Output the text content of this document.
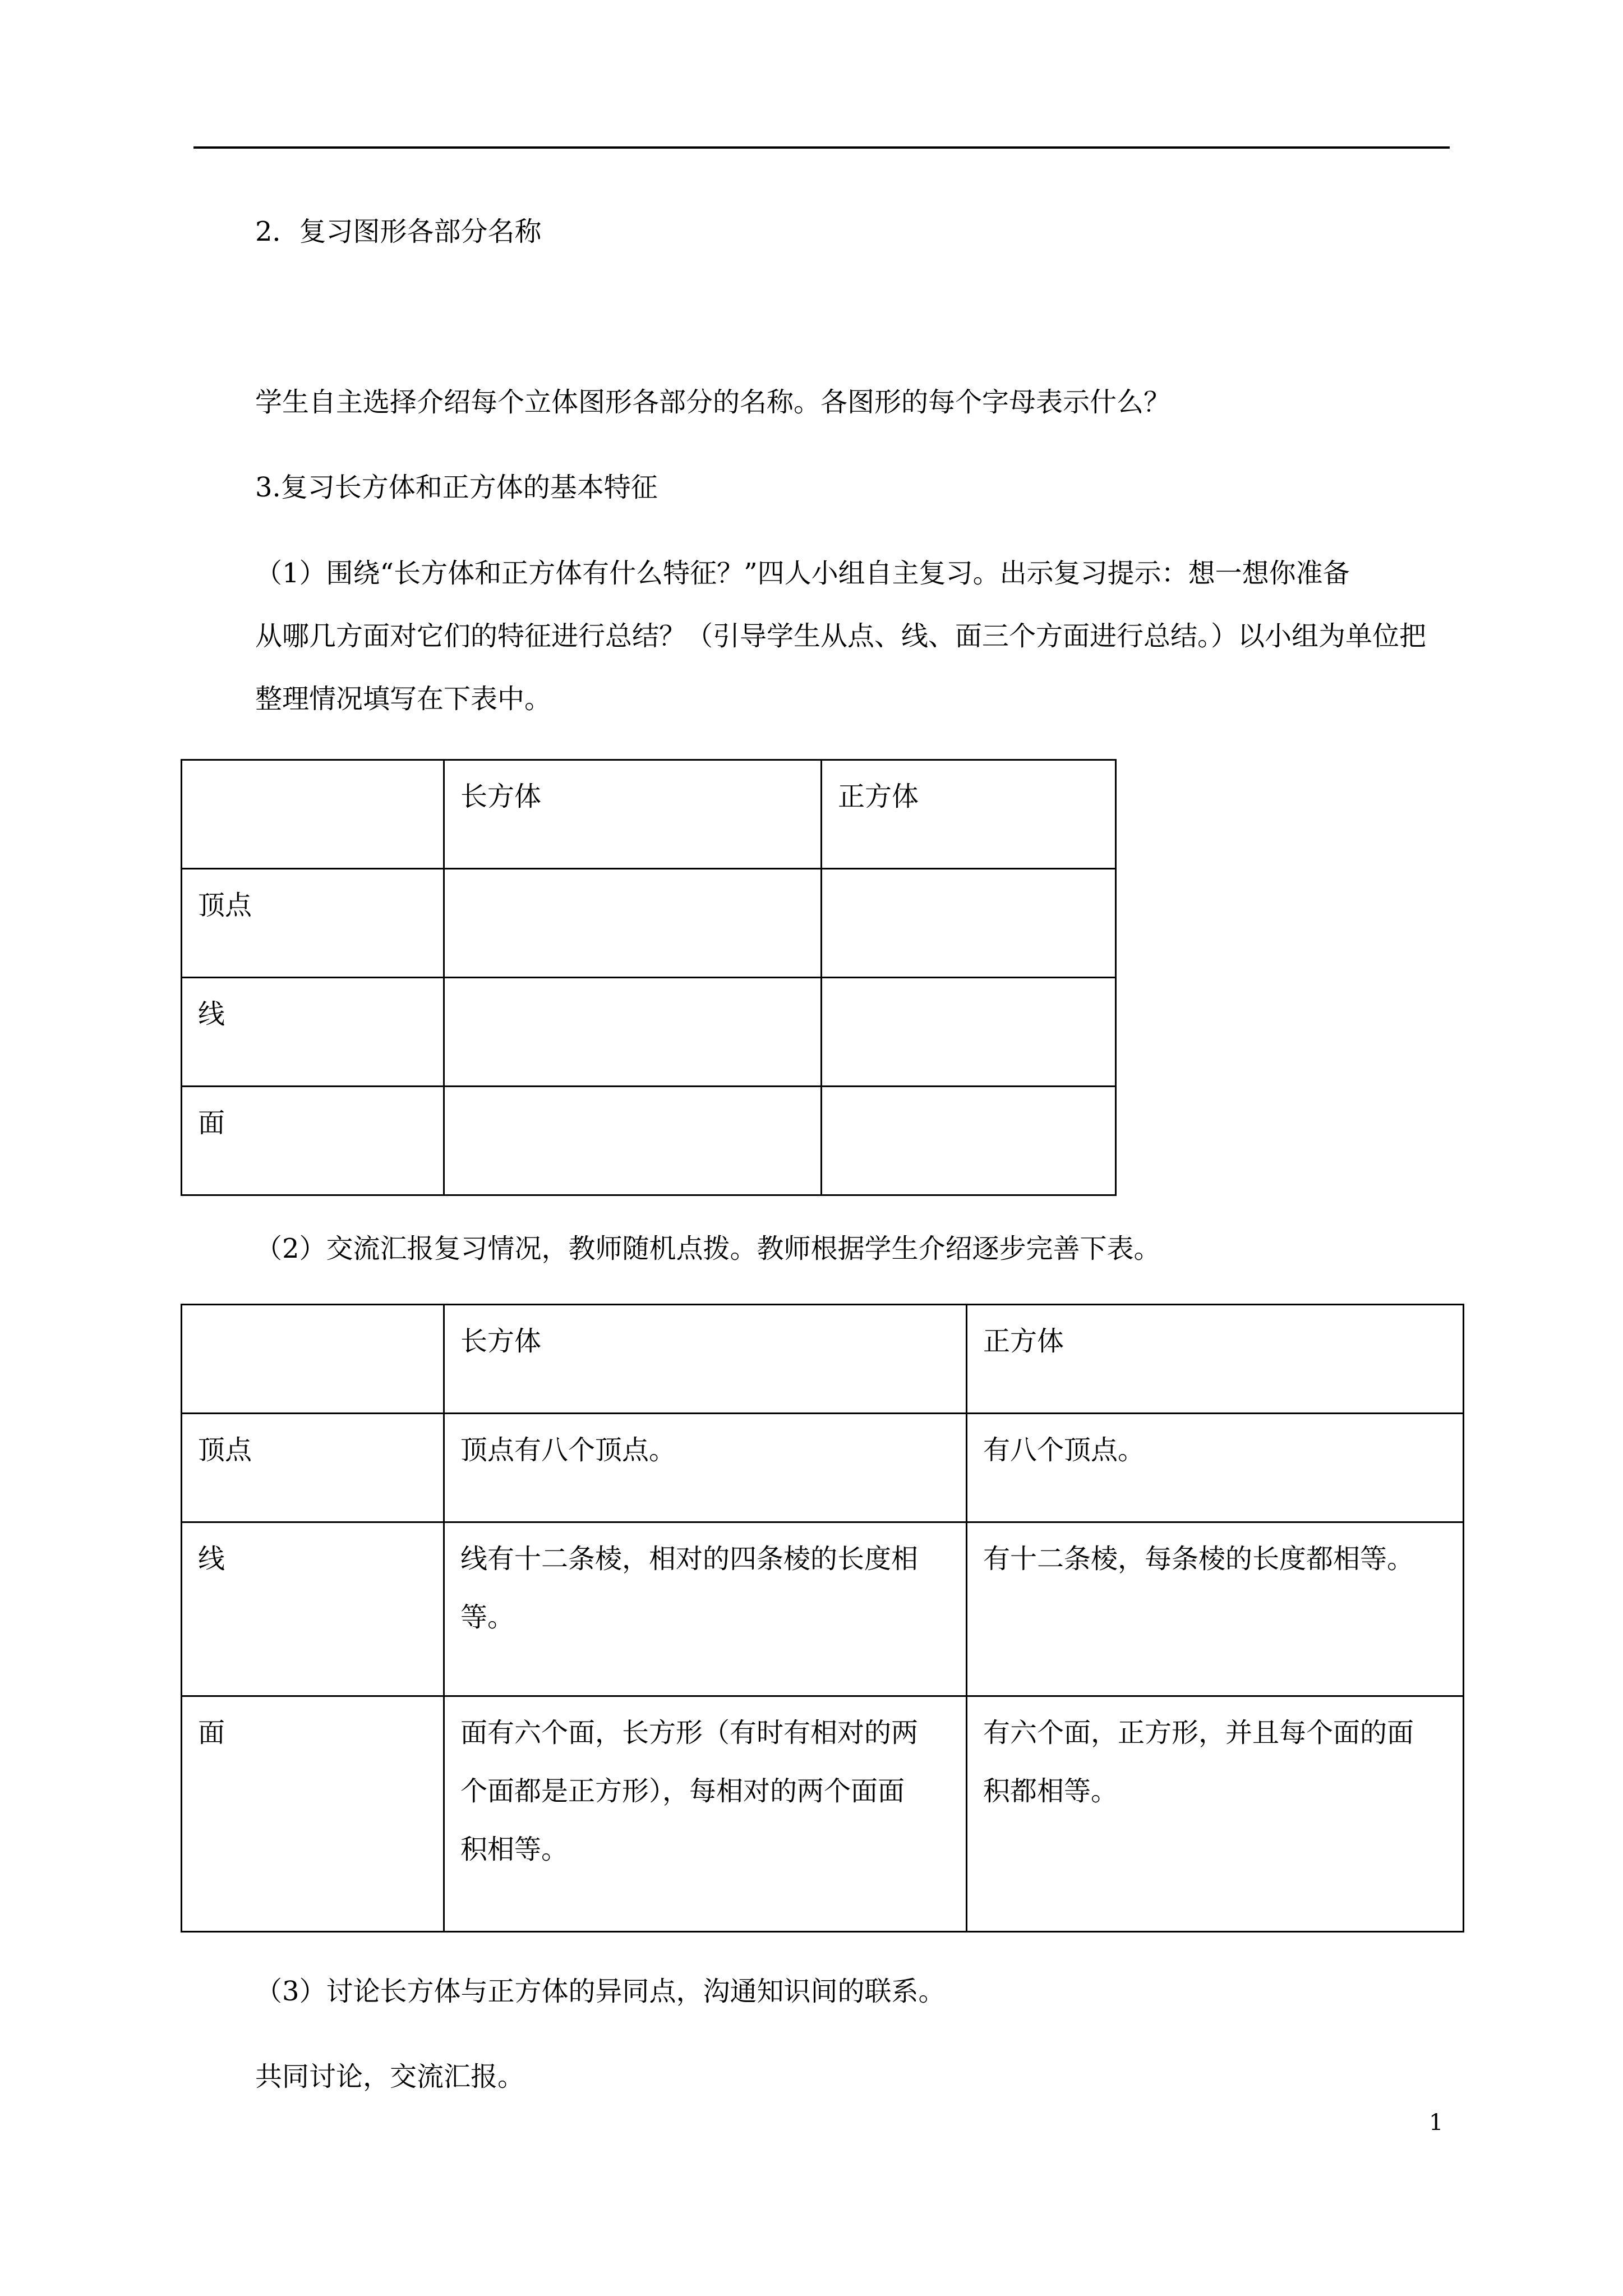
2．复习图形各部分名称

学生自主选择介绍每个立体图形各部分的名称。各图形的每个字母表示什么？

3.复习长方体和正方体的基本特征

（1）围绕“长方体和正方体有什么特征？”四人小组自主复习。出示复习提示：想一想你准备
从哪几方面对它们的特征进行总结？（引导学生从点、线、面三个方面进行总结。）以小组为单位把
整理情况填写在下表中。

	长方体	正方体

顶点		

线		

面		

（2）交流汇报复习情况，教师随机点拨。教师根据学生介绍逐步完善下表。

	长方体	正方体

顶点	顶点有八个顶点。	有八个顶点。

线	线有十二条棱，相对的四条棱的长度相
等。	有十二条棱，每条棱的长度都相等。

面	面有六个面，长方形（有时有相对的两
个面都是正方形），每相对的两个面面
积相等。	有六个面，正方形，并且每个面的面
积都相等。

（3）讨论长方体与正方体的异同点，沟通知识间的联系。

共同讨论，交流汇报。

1
